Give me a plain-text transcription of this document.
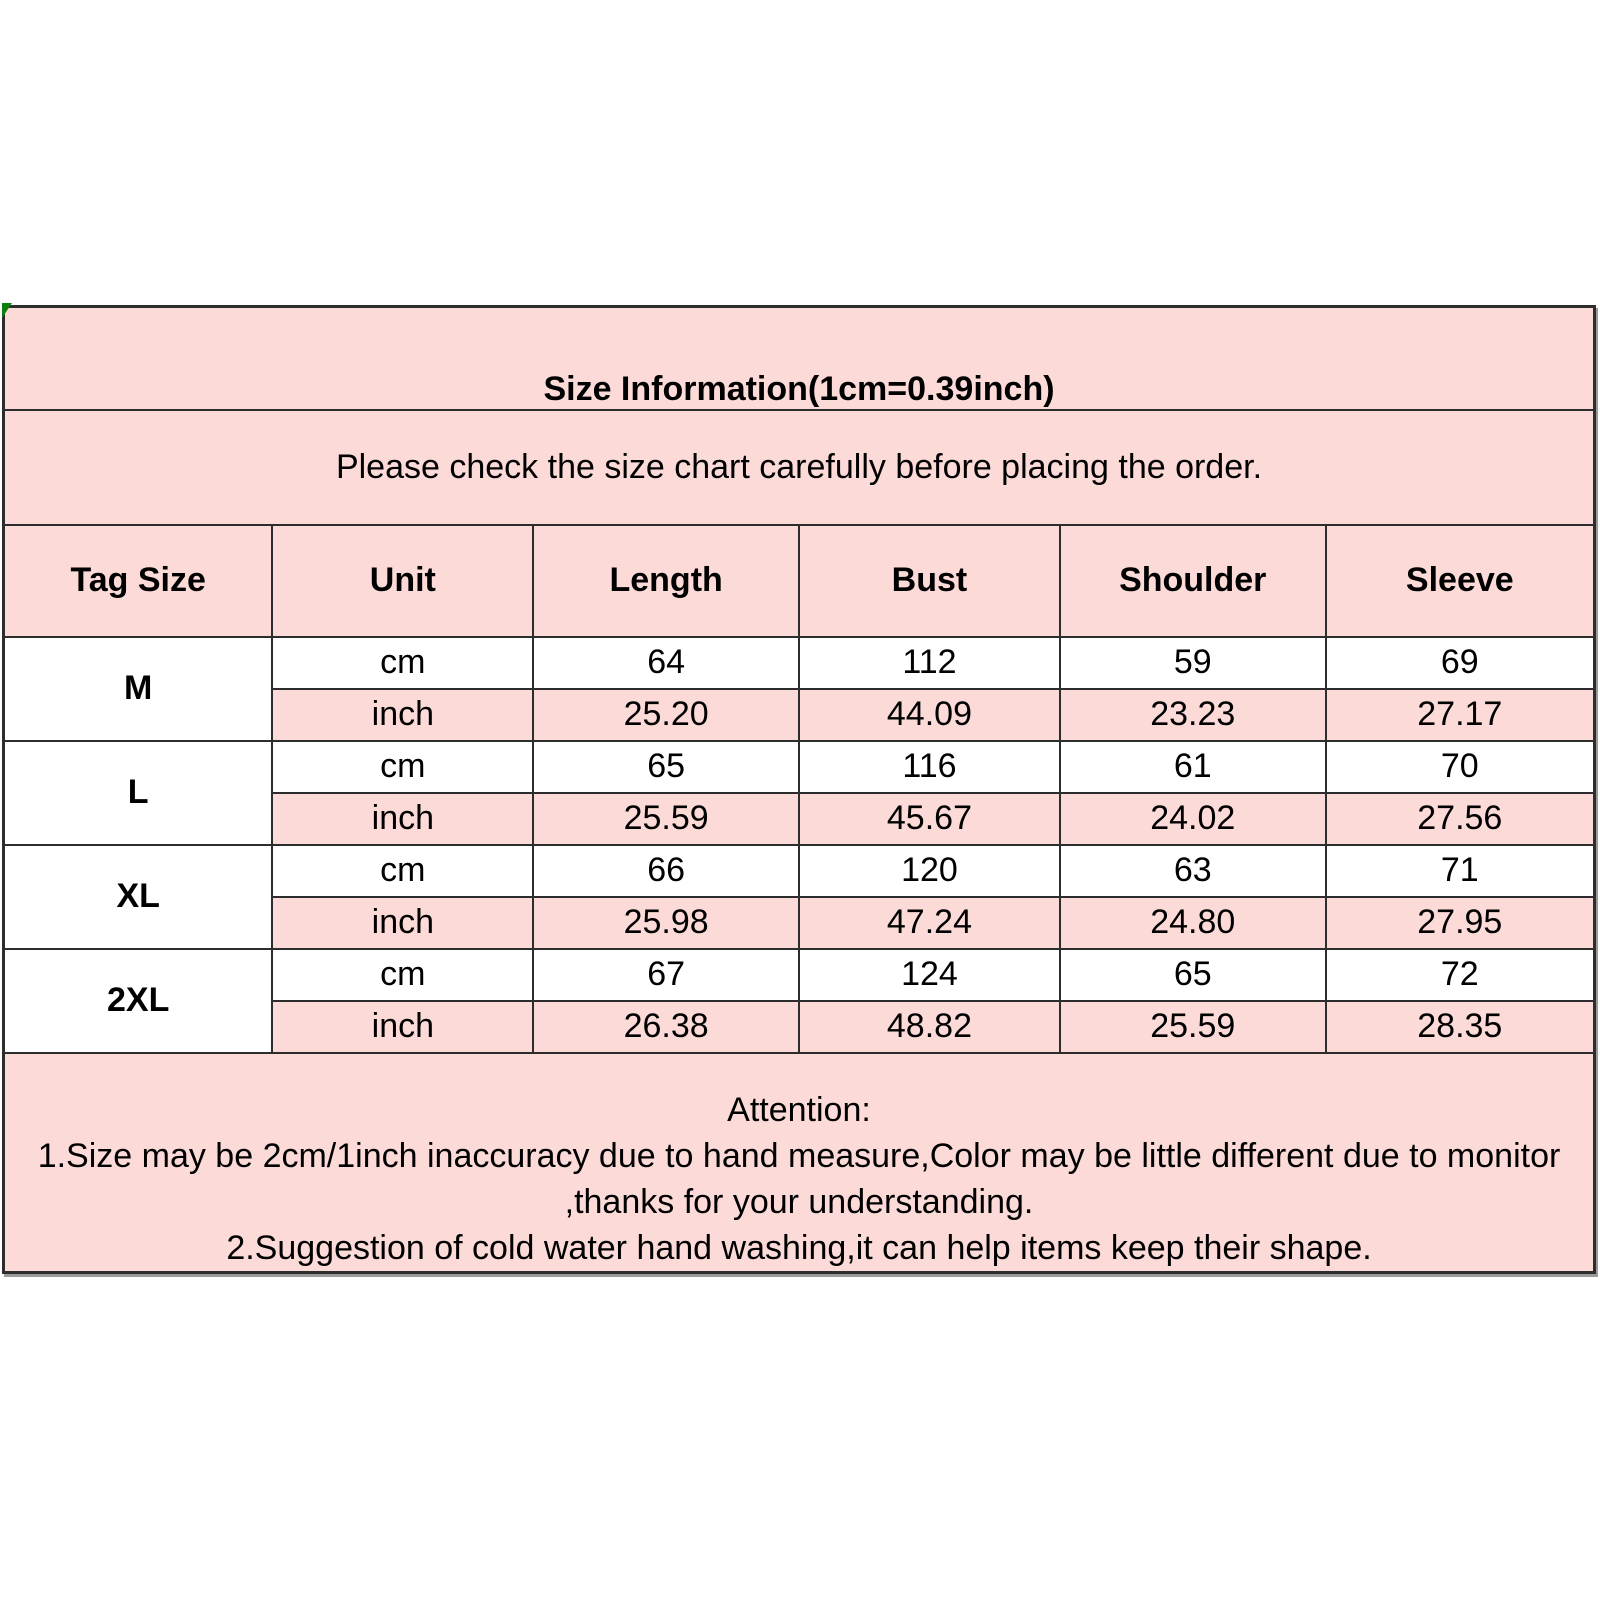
Size Information(1cm=0.39inch)					
Please check the size chart carefully before placing the order.					
Tag Size	Unit	Length	Bust	Shoulder	Sleeve
M	cm	64	112	59	69
	inch	25.20	44.09	23.23	27.17
L	cm	65	116	61	70
	inch	25.59	45.67	24.02	27.56
XL	cm	66	120	63	71
	inch	25.98	47.24	24.80	27.95
2XL	cm	67	124	65	72
	inch	26.38	48.82	25.59	28.35

Attention:
1.Size may be 2cm/1inch inaccuracy due to hand measure,Color may be little different due to monitor ,thanks for your understanding.
2.Suggestion of cold water hand washing,it can help items keep their shape.					
